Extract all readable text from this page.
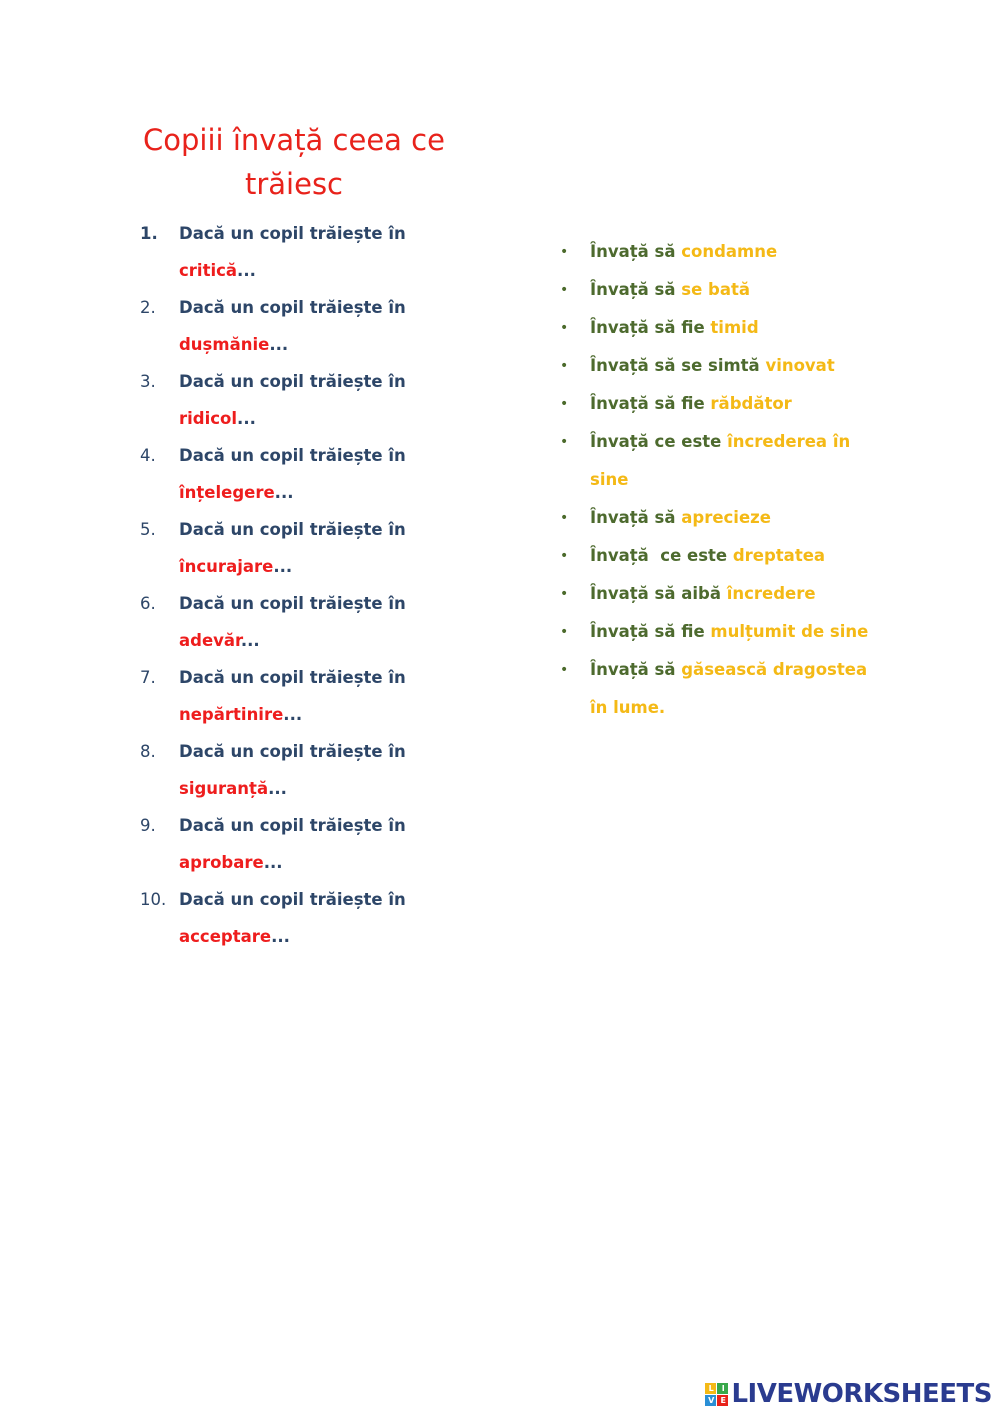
Copiii învață ceea ce trăiesc
1.	Dacă un copil trăiește în critică...
2.	Dacă un copil trăiește în dușmănie...
3.	Dacă un copil trăiește în ridicol...
4.	Dacă un copil trăiește în înțelegere...
5.	Dacă un copil trăiește în încurajare...
6.	Dacă un copil trăiește în adevăr...
7.	Dacă un copil trăiește în nepărtinire...
8.	Dacă un copil trăiește în siguranță...
9.	Dacă un copil trăiește în aprobare...
10. Dacă un copil trăiește în acceptare...
•	Învață să condamne
•	Învață să se bată
•	Învață să fie timid
•	Învață să se simtă vinovat
•	Învață să fie răbdător
•	Învață ce este încrederea în sine
•	Învață să aprecieze
•	Învață  ce este dreptatea
•	Învață să aibă încredere
•	Învață să fie mulțumit de sine
•	Învață să găsească dragostea în lume.
L	I
V E LIVEWORKSHEETS
